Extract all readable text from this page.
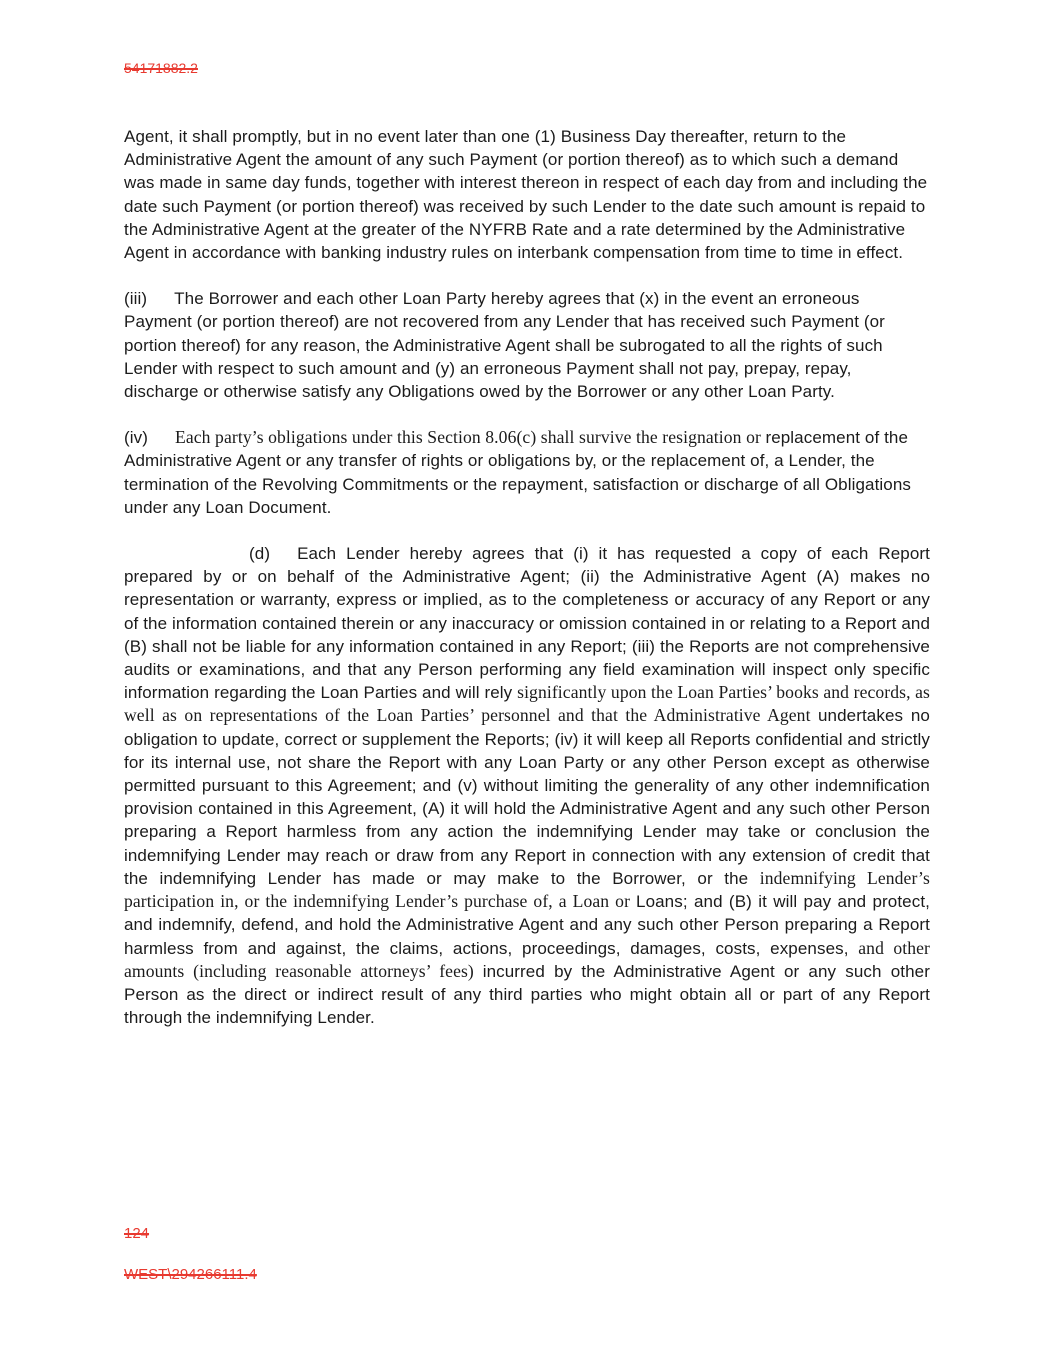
54171882.2

Agent, it shall promptly, but in no event later than one (1) Business Day thereafter, return to the Administrative Agent the amount of any such Payment (or portion thereof) as to which such a demand was made in same day funds, together with interest thereon in respect of each day from and including the date such Payment (or portion thereof) was received by such Lender to the date such amount is repaid to the Administrative Agent at the greater of the NYFRB Rate and a rate determined by the Administrative Agent in accordance with banking industry rules on interbank compensation from time to time in effect.

(iii) The Borrower and each other Loan Party hereby agrees that (x) in the event an erroneous Payment (or portion thereof) are not recovered from any Lender that has received such Payment (or portion thereof) for any reason, the Administrative Agent shall be subrogated to all the rights of such Lender with respect to such amount and (y) an erroneous Payment shall not pay, prepay, repay, discharge or otherwise satisfy any Obligations owed by the Borrower or any other Loan Party.

(iv) Each party’s obligations under this Section 8.06(c) shall survive the resignation or replacement of the Administrative Agent or any transfer of rights or obligations by, or the replacement of, a Lender, the termination of the Revolving Commitments or the repayment, satisfaction or discharge of all Obligations under any Loan Document.

(d) Each Lender hereby agrees that (i) it has requested a copy of each Report prepared by or on behalf of the Administrative Agent; (ii) the Administrative Agent (A) makes no representation or warranty, express or implied, as to the completeness or accuracy of any Report or any of the information contained therein or any inaccuracy or omission contained in or relating to a Report and (B) shall not be liable for any information contained in any Report; (iii) the Reports are not comprehensive audits or examinations, and that any Person performing any field examination will inspect only specific information regarding the Loan Parties and will rely significantly upon the Loan Parties’ books and records, as well as on representations of the Loan Parties’ personnel and that the Administrative Agent undertakes no obligation to update, correct or supplement the Reports; (iv) it will keep all Reports confidential and strictly for its internal use, not share the Report with any Loan Party or any other Person except as otherwise permitted pursuant to this Agreement; and (v) without limiting the generality of any other indemnification provision contained in this Agreement, (A) it will hold the Administrative Agent and any such other Person preparing a Report harmless from any action the indemnifying Lender may take or conclusion the indemnifying Lender may reach or draw from any Report in connection with any extension of credit that the indemnifying Lender has made or may make to the Borrower, or the indemnifying Lender’s participation in, or the indemnifying Lender’s purchase of, a Loan or Loans; and (B) it will pay and protect, and indemnify, defend, and hold the Administrative Agent and any such other Person preparing a Report harmless from and against, the claims, actions, proceedings, damages, costs, expenses, and other amounts (including reasonable attorneys’ fees) incurred by the Administrative Agent or any such other Person as the direct or indirect result of any third parties who might obtain all or part of any Report through the indemnifying Lender.

124
WEST\294266111.4
